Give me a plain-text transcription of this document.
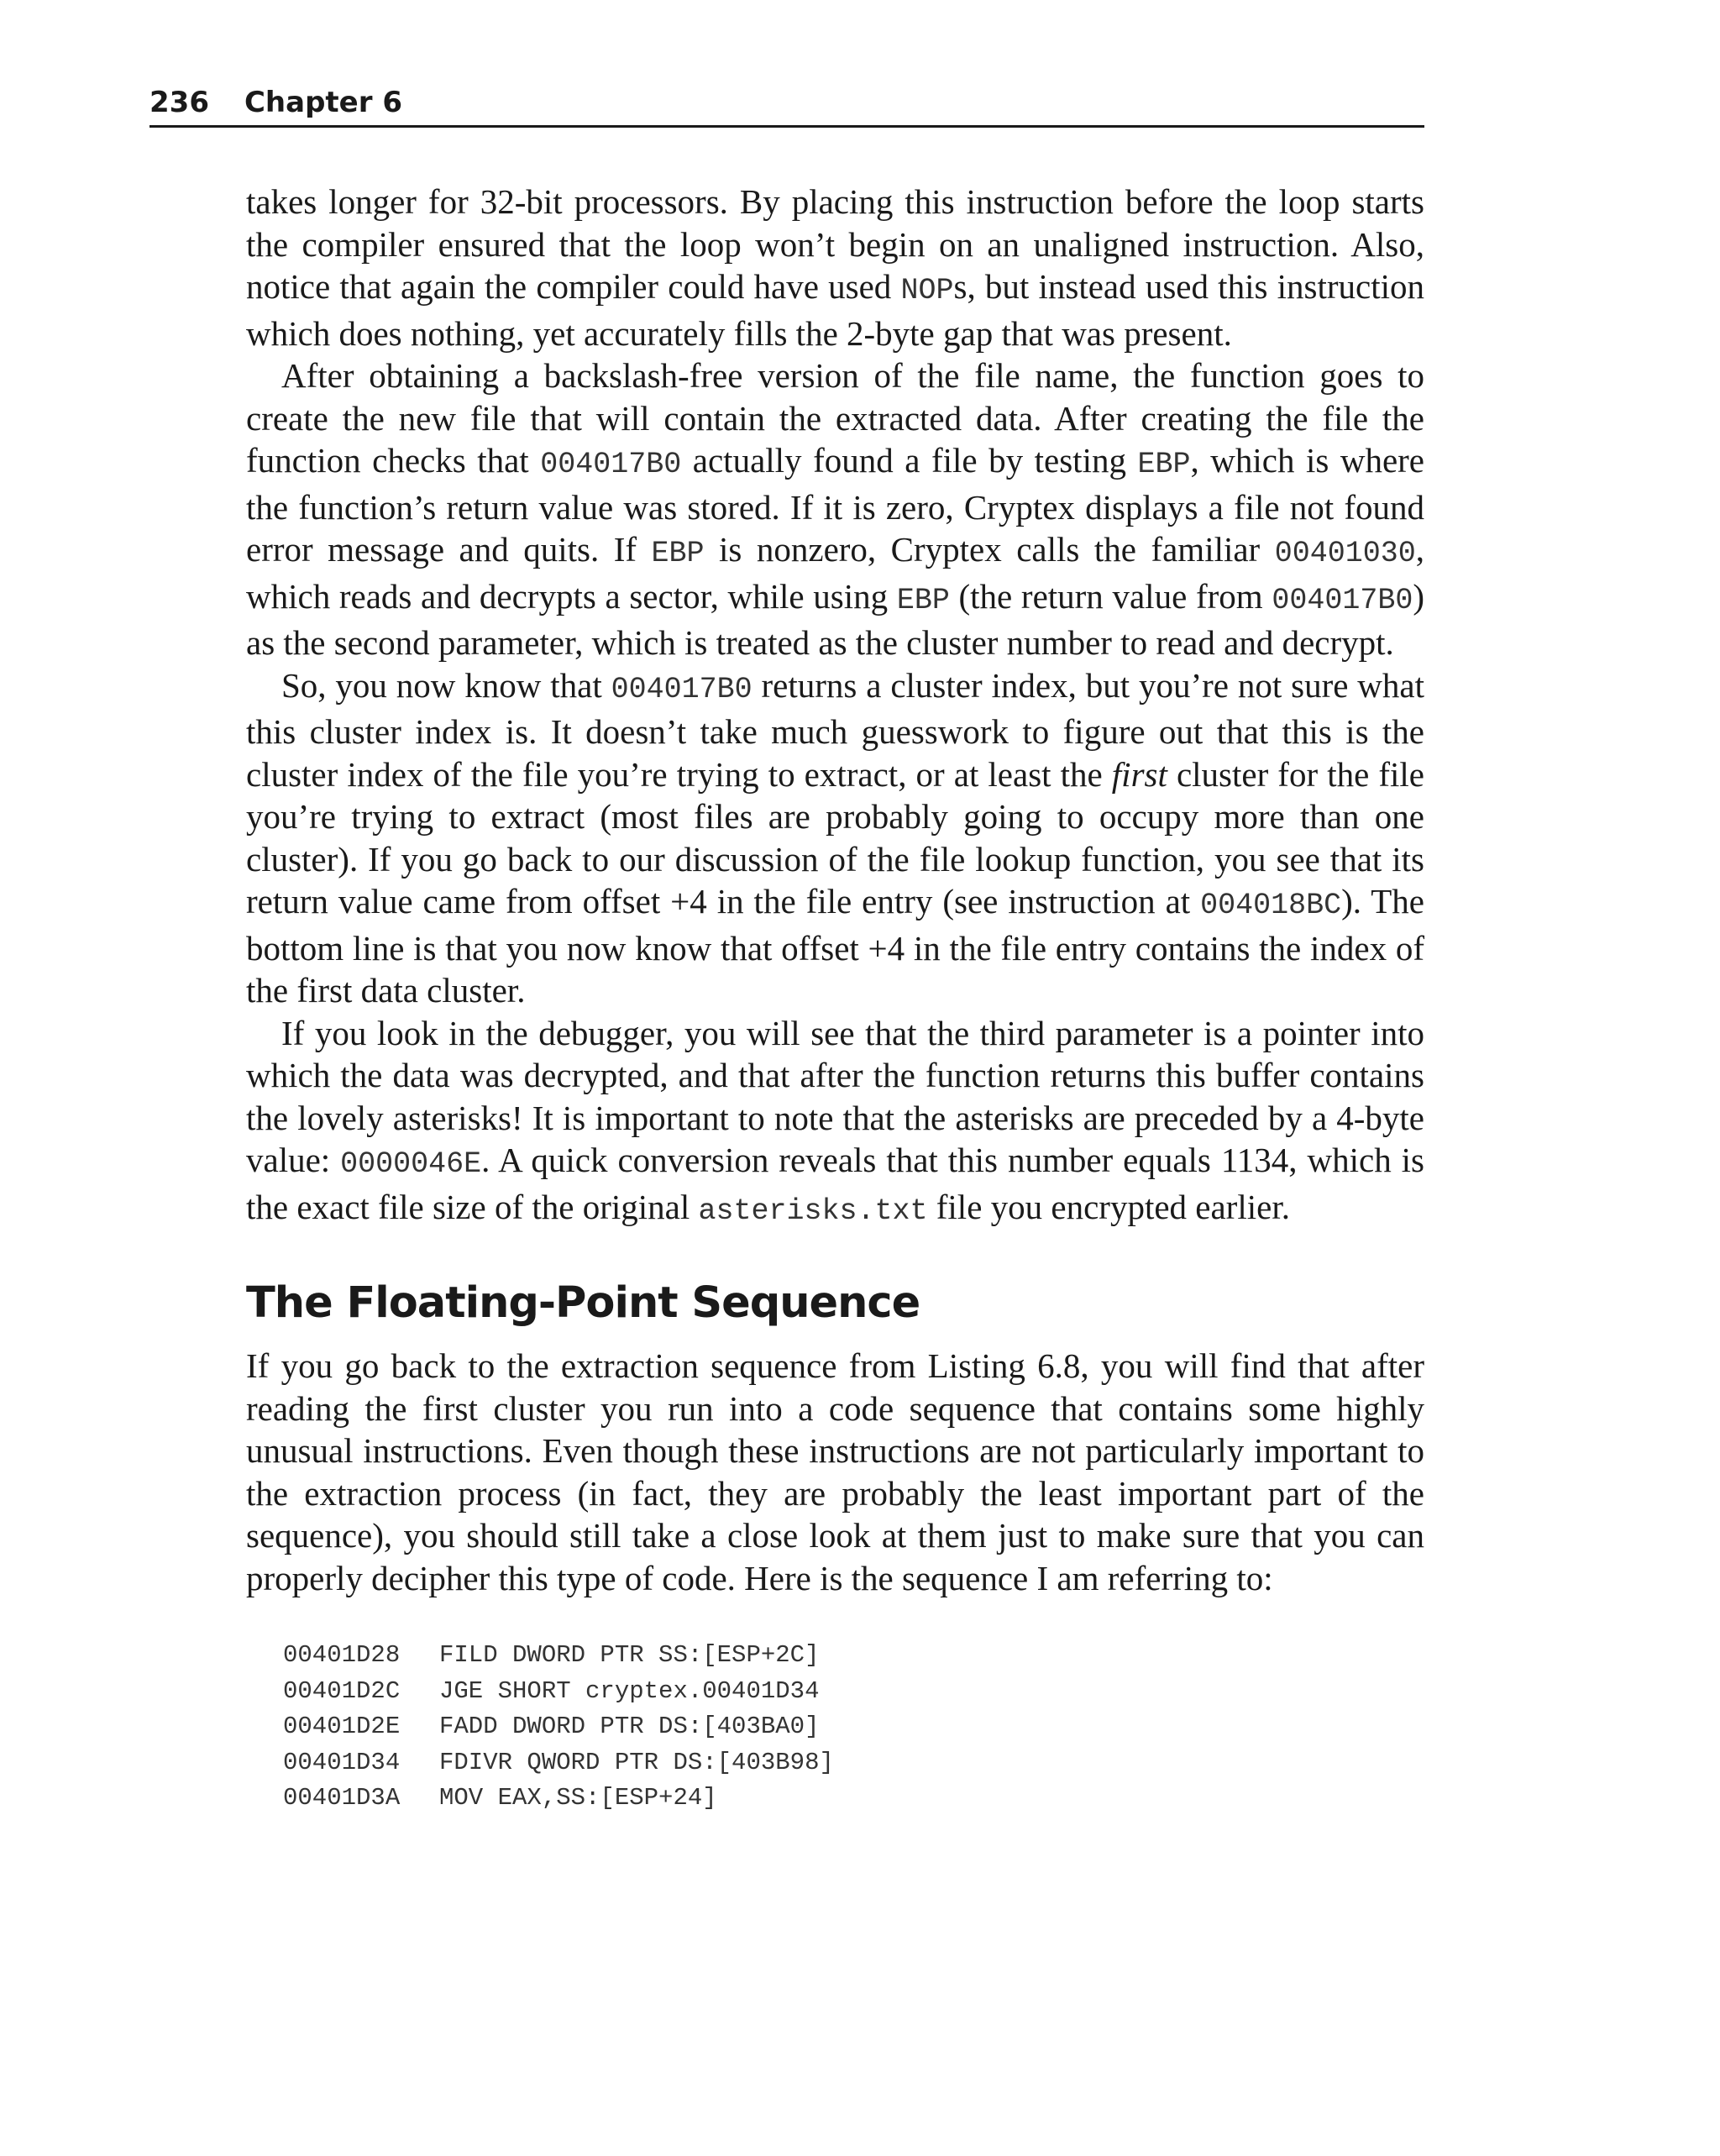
236 Chapter 6

takes longer for 32-bit processors. By placing this instruction before the loop starts the compiler ensured that the loop won’t begin on an unaligned instruction. Also, notice that again the compiler could have used NOPs, but instead used this instruction which does nothing, yet accurately fills the 2-byte gap that was present.

After obtaining a backslash-free version of the file name, the function goes to create the new file that will contain the extracted data. After creating the file the function checks that 004017B0 actually found a file by testing EBP, which is where the function’s return value was stored. If it is zero, Cryptex displays a file not found error message and quits. If EBP is nonzero, Cryptex calls the familiar 00401030, which reads and decrypts a sector, while using EBP (the return value from 004017B0) as the second parameter, which is treated as the cluster number to read and decrypt.

So, you now know that 004017B0 returns a cluster index, but you’re not sure what this cluster index is. It doesn’t take much guesswork to figure out that this is the cluster index of the file you’re trying to extract, or at least the first cluster for the file you’re trying to extract (most files are probably going to occupy more than one cluster). If you go back to our discussion of the file lookup function, you see that its return value came from offset +4 in the file entry (see instruction at 004018BC). The bottom line is that you now know that offset +4 in the file entry contains the index of the first data cluster.

If you look in the debugger, you will see that the third parameter is a pointer into which the data was decrypted, and that after the function returns this buffer contains the lovely asterisks! It is important to note that the asterisks are preceded by a 4-byte value: 0000046E. A quick conversion reveals that this number equals 1134, which is the exact file size of the original asterisks.txt file you encrypted earlier.

The Floating-Point Sequence

If you go back to the extraction sequence from Listing 6.8, you will find that after reading the first cluster you run into a code sequence that contains some highly unusual instructions. Even though these instructions are not particularly important to the extraction process (in fact, they are probably the least important part of the sequence), you should still take a close look at them just to make sure that you can properly decipher this type of code. Here is the sequence I am referring to:

00401D28 FILD DWORD PTR SS:[ESP+2C]
00401D2C JGE SHORT cryptex.00401D34
00401D2E FADD DWORD PTR DS:[403BA0]
00401D34 FDIVR QWORD PTR DS:[403B98]
00401D3A MOV EAX,SS:[ESP+24]
